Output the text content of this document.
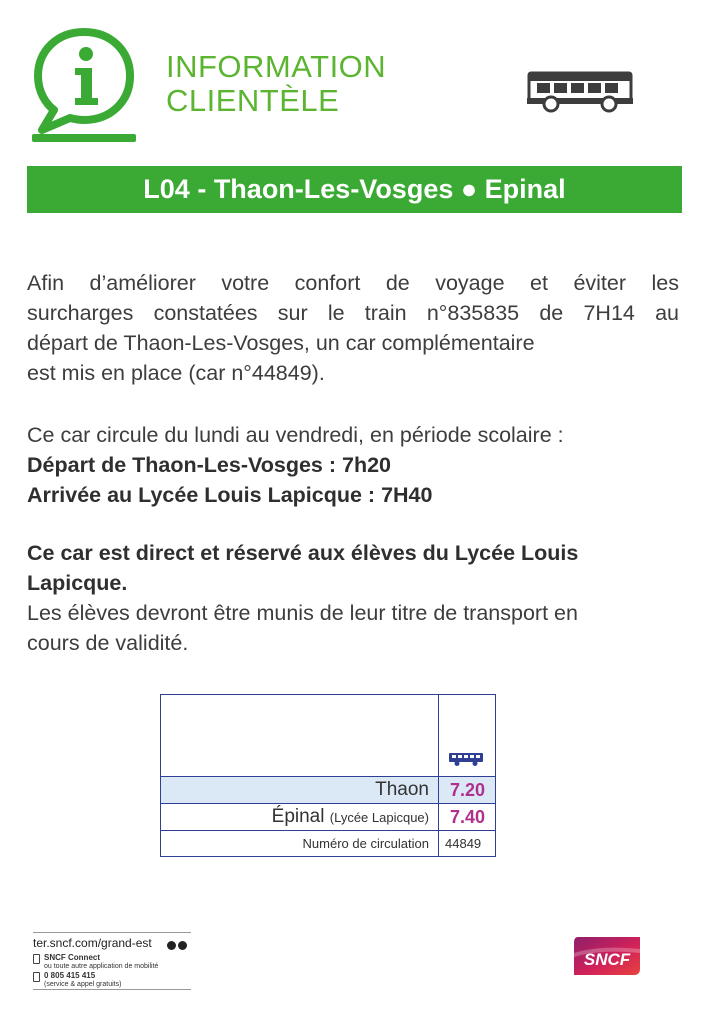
INFORMATION
CLIENTÈLE
L04 - Thaon-Les-Vosges ● Epinal
Afin d’améliorer votre confort de voyage et éviter les
surcharges constatées sur le train n°835835 de 7H14 au
départ de Thaon-Les-Vosges, un car complémentaire
est mis en place (car n°44849).
Ce car circule du lundi au vendredi, en période scolaire :
Départ de Thaon-Les-Vosges : 7h20
Arrivée au Lycée Louis Lapicque : 7H40
Ce car est direct et réservé aux élèves du Lycée Louis
Lapicque.
Les élèves devront être munis de leur titre de transport en
cours de validité.
Thaon 7.20
Épinal (Lycée Lapicque) 7.40
Numéro de circulation 44849
ter.sncf.com/grand-est
SNCF Connect
ou toute autre application de mobilité
0 805 415 415
(service & appel gratuits)
SNCF
